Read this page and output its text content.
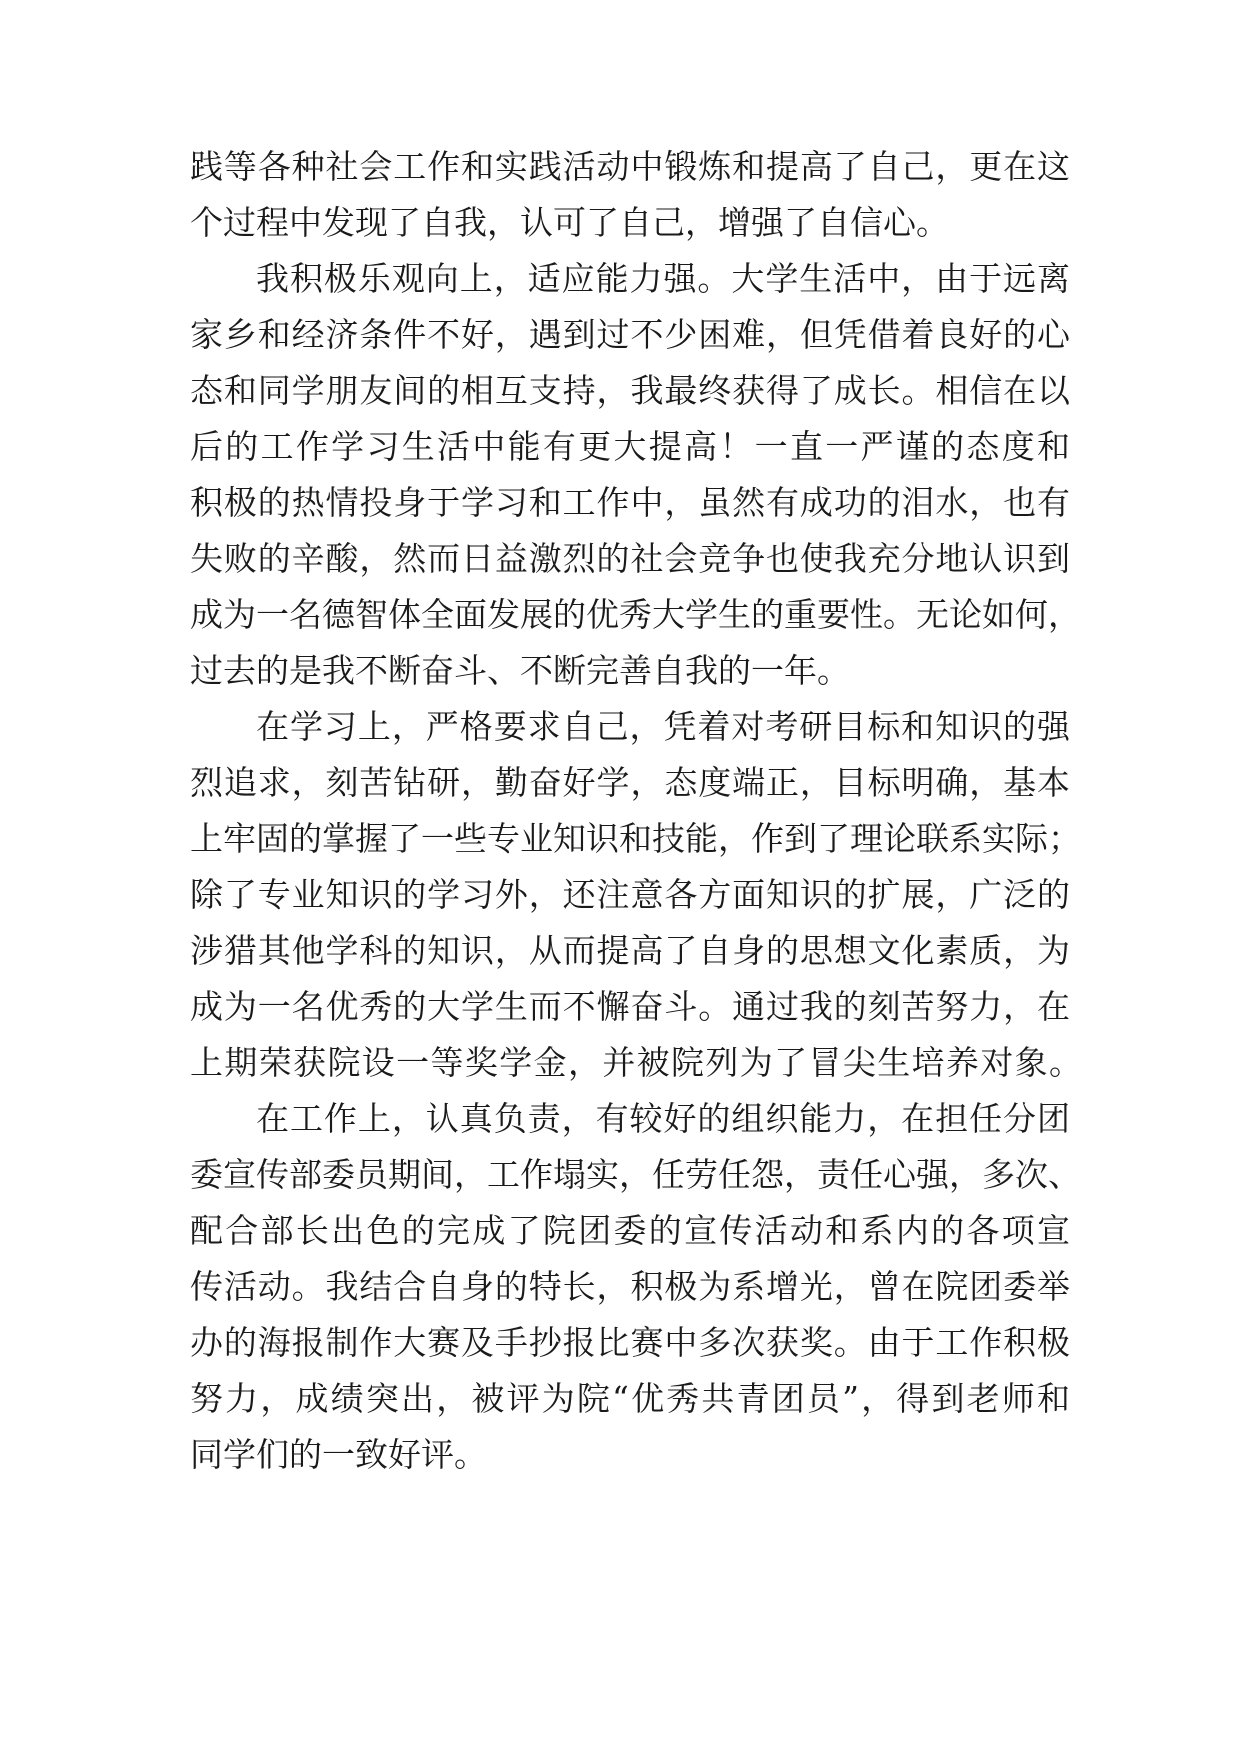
践等各种社会工作和实践活动中锻炼和提高了自己，更在这
个过程中发现了自我，认可了自己，增强了自信心。
我积极乐观向上，适应能力强。大学生活中，由于远离
家乡和经济条件不好，遇到过不少困难，但凭借着良好的心
态和同学朋友间的相互支持，我最终获得了成长。相信在以
后的工作学习生活中能有更大提高！一直一严谨的态度和
积极的热情投身于学习和工作中，虽然有成功的泪水，也有
失败的辛酸，然而日益激烈的社会竞争也使我充分地认识到
成为一名德智体全面发展的优秀大学生的重要性。无论如何，
过去的是我不断奋斗、不断完善自我的一年。
在学习上，严格要求自己，凭着对考研目标和知识的强
烈追求，刻苦钻研，勤奋好学，态度端正，目标明确，基本
上牢固的掌握了一些专业知识和技能，作到了理论联系实际；
除了专业知识的学习外，还注意各方面知识的扩展，广泛的
涉猎其他学科的知识，从而提高了自身的思想文化素质，为
成为一名优秀的大学生而不懈奋斗。通过我的刻苦努力，在
上期荣获院设一等奖学金，并被院列为了冒尖生培养对象。
在工作上，认真负责，有较好的组织能力，在担任分团
委宣传部委员期间，工作塌实，任劳任怨，责任心强，多次、
配合部长出色的完成了院团委的宣传活动和系内的各项宣
传活动。我结合自身的特长，积极为系增光，曾在院团委举
办的海报制作大赛及手抄报比赛中多次获奖。由于工作积极
努力，成绩突出，被评为院“优秀共青团员”，得到老师和
同学们的一致好评。
